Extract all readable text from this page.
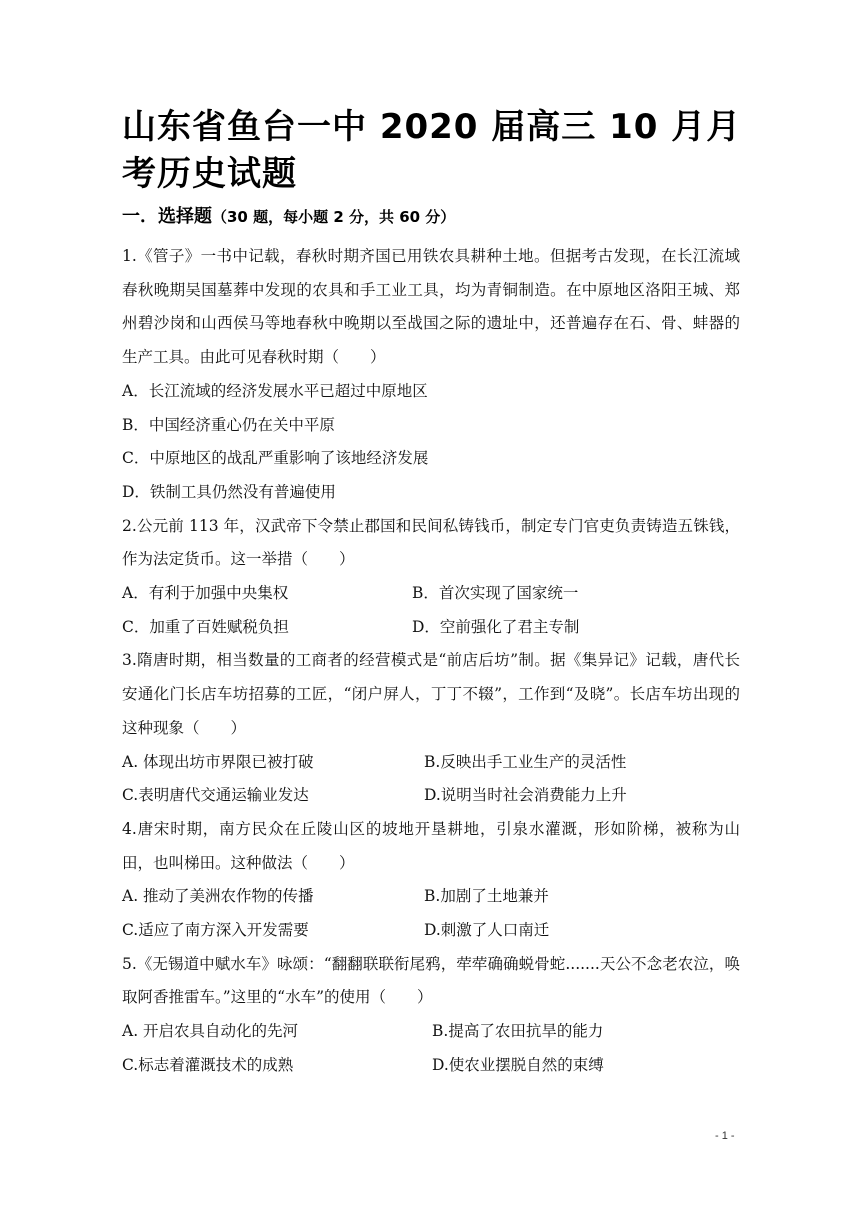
山东省鱼台一中 2020 届高三 10 月月考历史试题
一．选择题（30 题，每小题 2 分，共 60 分）

1.《管子》一书中记载，春秋时期齐国已用铁农具耕种土地。但据考古发现，在长江流域春秋晚期吴国墓葬中发现的农具和手工业工具，均为青铜制造。在中原地区洛阳王城、郑州碧沙岗和山西侯马等地春秋中晚期以至战国之际的遗址中，还普遍存在石、骨、蚌器的生产工具。由此可见春秋时期（　　）

A．长江流域的经济发展水平已超过中原地区

B．中国经济重心仍在关中平原

C．中原地区的战乱严重影响了该地经济发展

D．铁制工具仍然没有普遍使用

2.公元前 113 年，汉武帝下令禁止郡国和民间私铸钱币，制定专门官吏负责铸造五铢钱，作为法定货币。这一举措（　　）

A．有利于加强中央集权	B．首次实现了国家统一
C．加重了百姓赋税负担	D．空前强化了君主专制

3.隋唐时期，相当数量的工商者的经营模式是“前店后坊”制。据《集异记》记载，唐代长安通化门长店车坊招募的工匠，“闭户屏人，丁丁不辍”，工作到“及晓”。长店车坊出现的这种现象（　　）

A. 体现出坊市界限已被打破	B.反映出手工业生产的灵活性
C.表明唐代交通运输业发达	D.说明当时社会消费能力上升

4.唐宋时期，南方民众在丘陵山区的坡地开垦耕地，引泉水灌溉，形如阶梯，被称为山田，也叫梯田。这种做法（　　）

A. 推动了美洲农作物的传播	B.加剧了土地兼并
C.适应了南方深入开发需要	D.刺激了人口南迁

5.《无锡道中赋水车》咏颂：“翻翻联联衔尾鸦，荦荦确确蜕骨蛇.......天公不念老农泣，唤取阿香推雷车。”这里的“水车”的使用（　　）

A. 开启农具自动化的先河	B.提高了农田抗旱的能力
C.标志着灌溉技术的成熟	D.使农业摆脱自然的束缚
- 1 -
